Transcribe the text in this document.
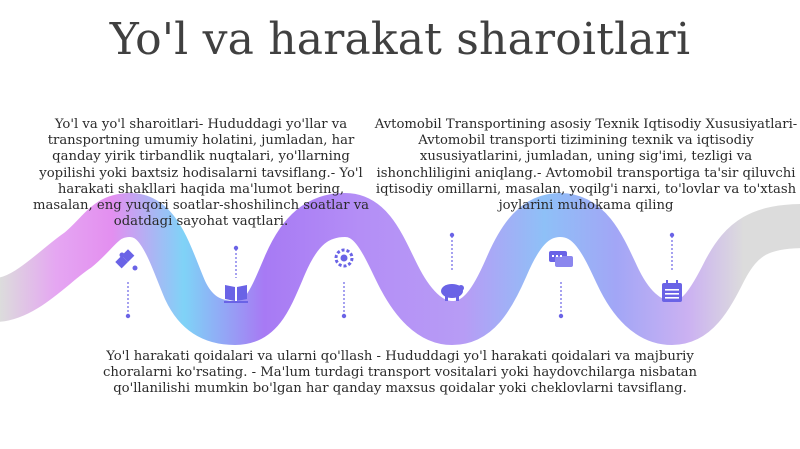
Yo'l va harakat sharoitlari
Yo'l va yo'l sharoitlari- Hududdagi yo'llar va transportning umumiy holatini, jumladan, har qanday yirik tirbandlik nuqtalari, yo'llarning yopilishi yoki baxtsiz hodisalarni tavsiflang.- Yo'l harakati shakllari haqida ma'lumot bering, masalan, eng yuqori soatlar-shoshilinch soatlar va odatdagi sayohat vaqtlari.
Avtomobil Transportining asosiy Texnik Iqtisodiy Xususiyatlari- Avtomobil transporti tizimining texnik va iqtisodiy xususiyatlarini, jumladan, uning sig'imi, tezligi va ishonchliligini aniqlang.- Avtomobil transportiga ta'sir qiluvchi iqtisodiy omillarni, masalan, yoqilg'i narxi, to'lovlar va to'xtash joylarini muhokama qiling
Yo'l harakati qoidalari va ularni qo'llash - Hududdagi yo'l harakati qoidalari va majburiy choralarni ko'rsating. - Ma'lum turdagi transport vositalari yoki haydovchilarga nisbatan qo'llanilishi mumkin bo'lgan har qanday maxsus qoidalar yoki cheklovlarni tavsiflang.
